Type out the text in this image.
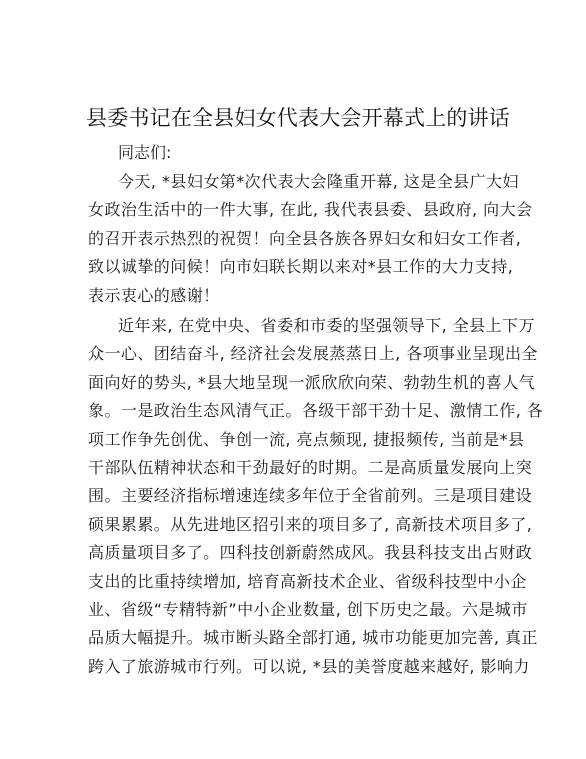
县委书记在全县妇女代表大会开幕式上的讲话
同志们:
今天, *县妇女第*次代表大会隆重开幕, 这是全县广大妇
女政治生活中的一件大事, 在此, 我代表县委、县政府, 向大会
的召开表示热烈的祝贺！向全县各族各界妇女和妇女工作者,
致以诚挚的问候！向市妇联长期以来对*县工作的大力支持,
表示衷心的感谢！
近年来, 在党中央、省委和市委的坚强领导下, 全县上下万
众一心、团结奋斗, 经济社会发展蒸蒸日上, 各项事业呈现出全
面向好的势头, *县大地呈现一派欣欣向荣、勃勃生机的喜人气
象。一是政治生态风清气正。各级干部干劲十足、激情工作, 各
项工作争先创优、争创一流, 亮点频现, 捷报频传, 当前是*县
干部队伍精神状态和干劲最好的时期。二是高质量发展向上突
围。主要经济指标增速连续多年位于全省前列。三是项目建设
硕果累累。从先进地区招引来的项目多了, 高新技术项目多了,
高质量项目多了。四科技创新蔚然成风。我县科技支出占财政
支出的比重持续增加, 培育高新技术企业、省级科技型中小企
业、省级“专精特新”中小企业数量, 创下历史之最。六是城市
品质大幅提升。城市断头路全部打通, 城市功能更加完善, 真正
跨入了旅游城市行列。可以说, *县的美誉度越来越好, 影响力
